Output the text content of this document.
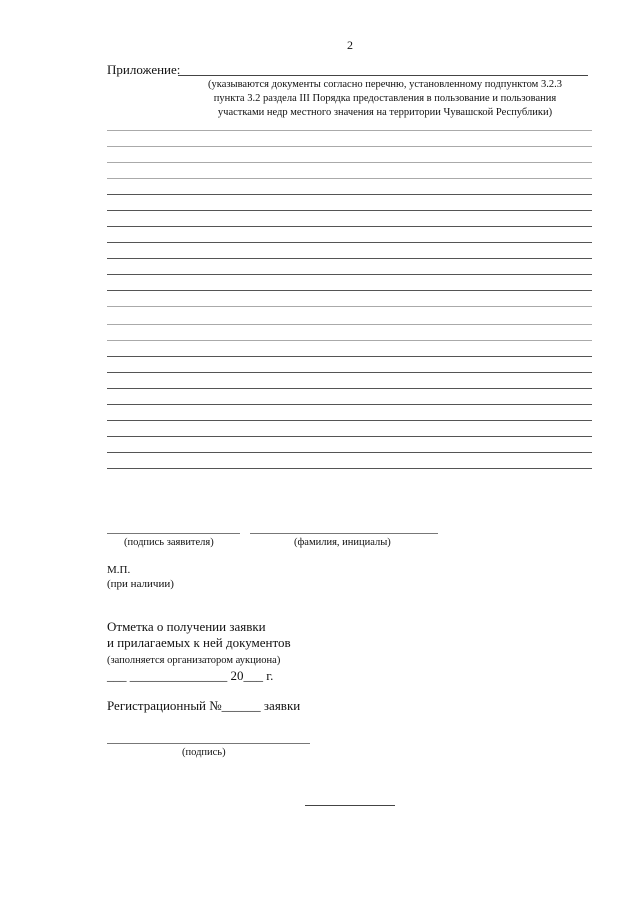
2
Приложение:
(указываются документы согласно перечню, установленному подпунктом 3.2.3
пункта 3.2 раздела III Порядка предоставления в пользование и пользования
участками недр местного значения на территории Чувашской Республики)
(подпись заявителя)	(фамилия, инициалы)
М.П.
(при наличии)
Отметка о получении заявки
и прилагаемых к ней документов
(заполняется организатором аукциона)
___ _______________ 20___ г.
Регистрационный №______ заявки
(подпись)
